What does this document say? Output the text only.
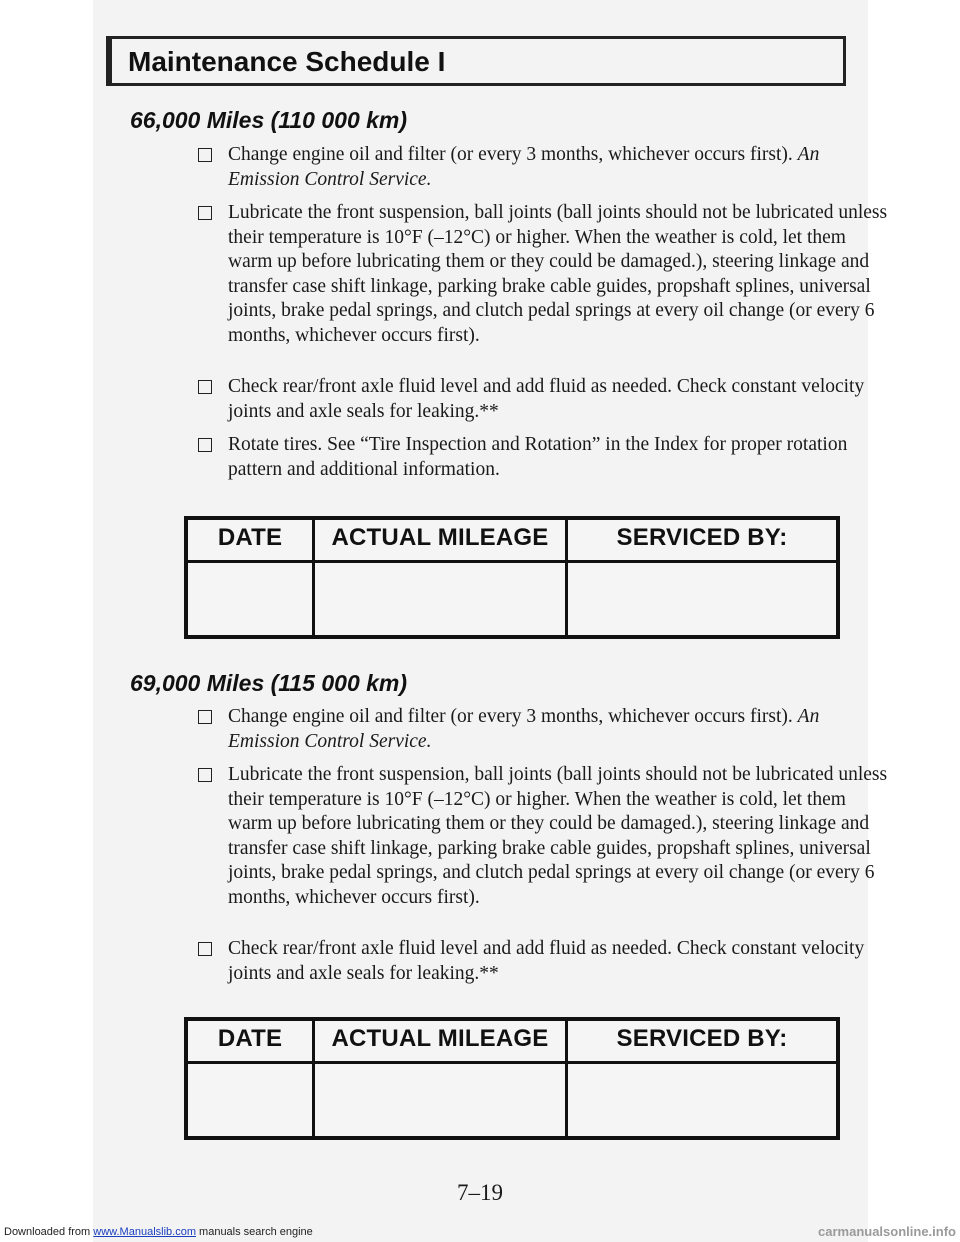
Maintenance Schedule I
66,000 Miles (110 000 km)
Change engine oil and filter (or every 3 months, whichever occurs first). An Emission Control Service.
Lubricate the front suspension, ball joints (ball joints should not be lubricated unless their temperature is 10°F (–12°C) or higher. When the weather is cold, let them warm up before lubricating them or they could be damaged.), steering linkage and transfer case shift linkage, parking brake cable guides, propshaft splines, universal joints, brake pedal springs, and clutch pedal springs at every oil change (or every 6 months, whichever occurs first).
Check rear/front axle fluid level and add fluid as needed. Check constant velocity joints and axle seals for leaking.**
Rotate tires. See “Tire Inspection and Rotation” in the Index for proper rotation pattern and additional information.
DATE	ACTUAL MILEAGE	SERVICED BY:
69,000 Miles (115 000 km)
Change engine oil and filter (or every 3 months, whichever occurs first). An Emission Control Service.
Lubricate the front suspension, ball joints (ball joints should not be lubricated unless their temperature is 10°F (–12°C) or higher. When the weather is cold, let them warm up before lubricating them or they could be damaged.), steering linkage and transfer case shift linkage, parking brake cable guides, propshaft splines, universal joints, brake pedal springs, and clutch pedal springs at every oil change (or every 6 months, whichever occurs first).
Check rear/front axle fluid level and add fluid as needed. Check constant velocity joints and axle seals for leaking.**
DATE	ACTUAL MILEAGE	SERVICED BY:
7–19
Downloaded from www.Manualslib.com manuals search engine	carmanualsonline.info
